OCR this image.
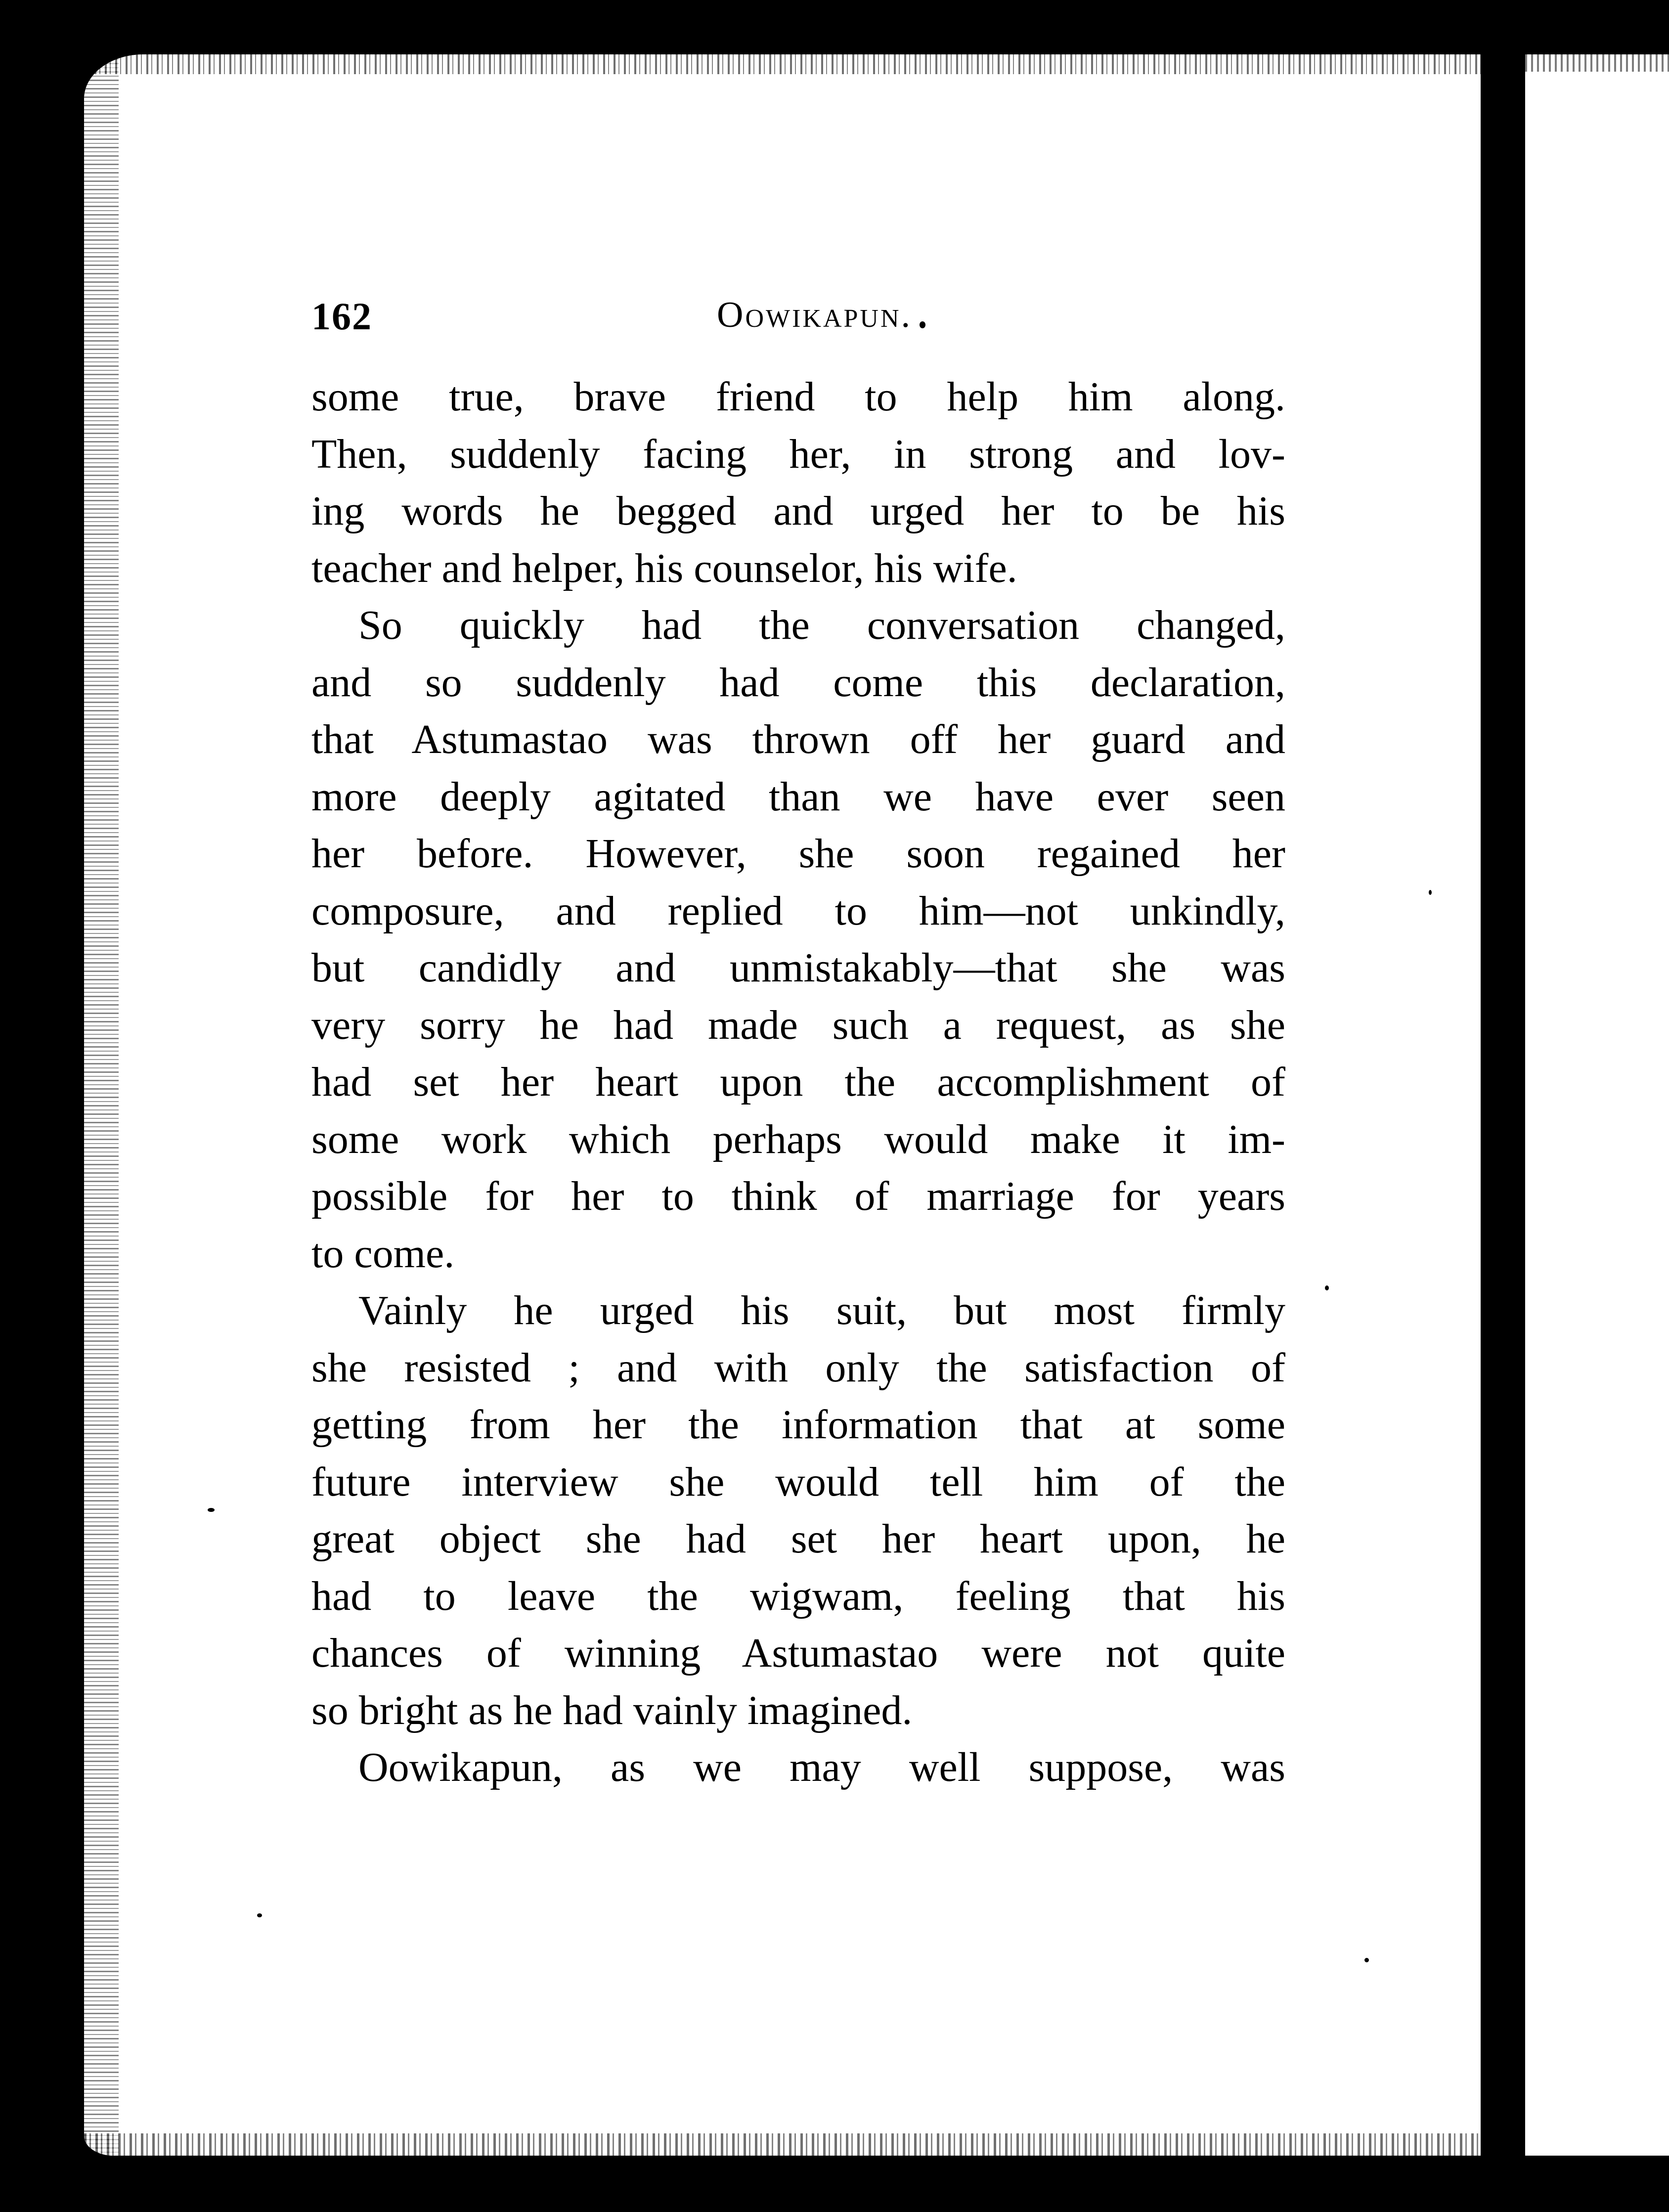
162	Oowikapun.
some true, brave friend to help him along.
Then, suddenly facing her, in strong and lov-
ing words he begged and urged her to be his
teacher and helper, his counselor, his wife.
So quickly had the conversation changed,
and so suddenly had come this declaration,
that Astumastao was thrown off her guard and
more deeply agitated than we have ever seen
her before. However, she soon regained her
composure, and replied to him—not unkindly,
but candidly and unmistakably—that she was
very sorry he had made such a request, as she
had set her heart upon the accomplishment of
some work which perhaps would make it im-
possible for her to think of marriage for years
to come.
Vainly he urged his suit, but most firmly
she resisted ; and with only the satisfaction of
getting from her the information that at some
future interview she would tell him of the
great object she had set her heart upon, he
had to leave the wigwam, feeling that his
chances of winning Astumastao were not quite
so bright as he had vainly imagined.
Oowikapun, as we may well suppose, was
